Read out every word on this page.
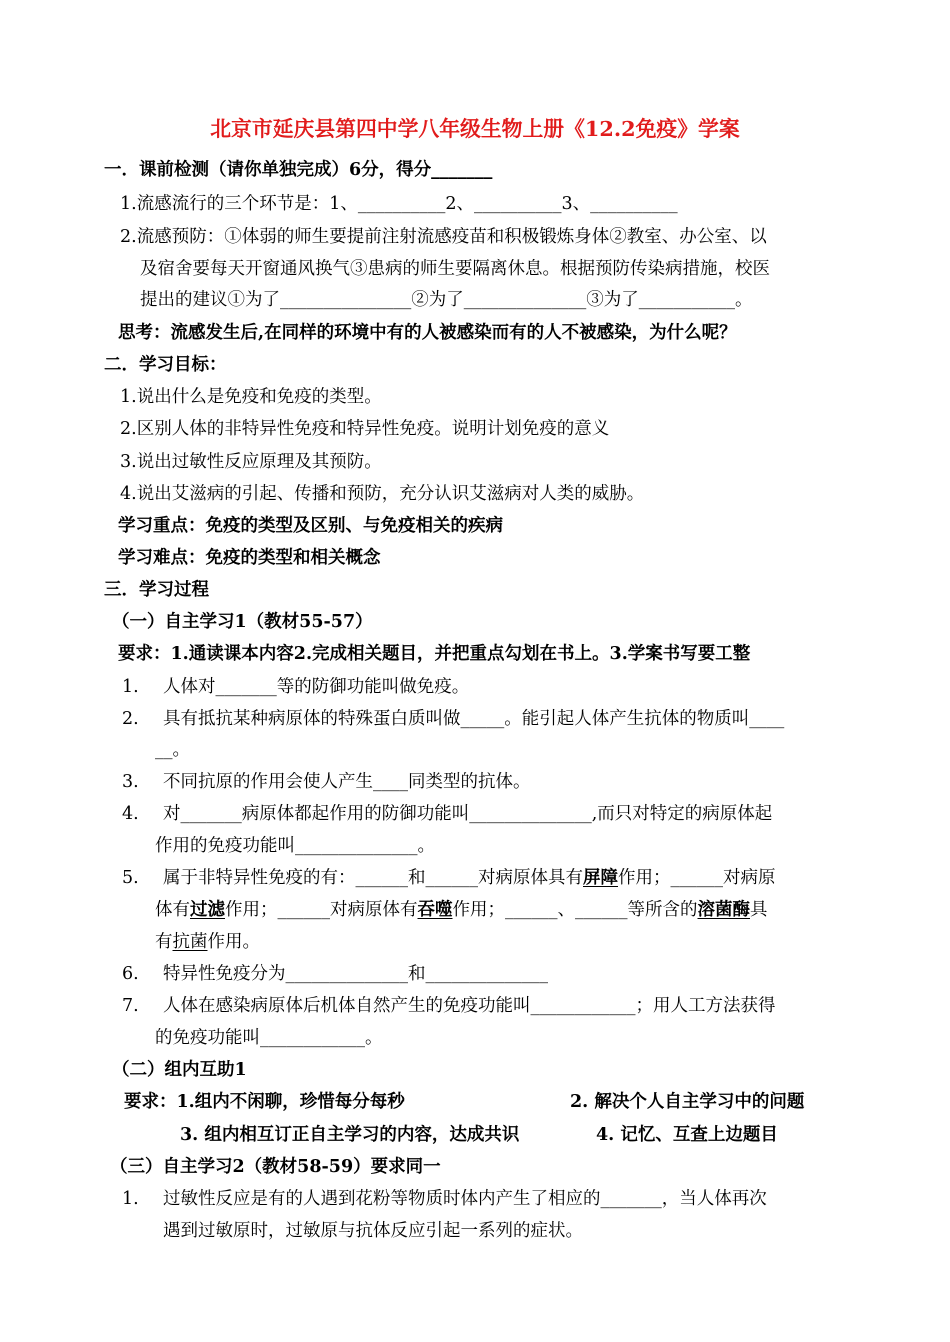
北京市延庆县第四中学八年级生物上册《12.2免疫》学案
一．课前检测（请你单独完成）6分，得分_______
1.流感流行的三个环节是：1、__________2、__________3、__________
2.流感预防：①体弱的师生要提前注射流感疫苗和积极锻炼身体②教室、办公室、以
及宿舍要每天开窗通风换气③患病的师生要隔离休息。根据预防传染病措施，校医
提出的建议①为了_______________②为了______________③为了___________。
思考：流感发生后,在同样的环境中有的人被感染而有的人不被感染，为什么呢？
二．学习目标：
1.说出什么是免疫和免疫的类型。
2.区别人体的非特异性免疫和特异性免疫。说明计划免疫的意义
3.说出过敏性反应原理及其预防。
4.说出艾滋病的引起、传播和预防，充分认识艾滋病对人类的威胁。
学习重点：免疫的类型及区别、与免疫相关的疾病
学习难点：免疫的类型和相关概念
三．学习过程
（一）自主学习1（教材55-57）
要求：1.通读课本内容2.完成相关题目，并把重点勾划在书上。3.学案书写要工整
1. 人体对_______等的防御功能叫做免疫。
2. 具有抵抗某种病原体的特殊蛋白质叫做_____。能引起人体产生抗体的物质叫____
__。
3. 不同抗原的作用会使人产生____同类型的抗体。
4. 对_______病原体都起作用的防御功能叫______________,而只对特定的病原体起
作用的免疫功能叫______________。
5. 属于非特异性免疫的有：______和______对病原体具有屏障作用；______对病原
体有过滤作用；______对病原体有吞噬作用；______、______等所含的溶菌酶具
有抗菌作用。
6. 特异性免疫分为______________和______________
7. 人体在感染病原体后机体自然产生的免疫功能叫____________；用人工方法获得
的免疫功能叫____________。
（二）组内互助1
要求：1.组内不闲聊，珍惜每分每秒	2. 解决个人自主学习中的问题
3. 组内相互订正自主学习的内容，达成共识	4. 记忆、互查上边题目
（三）自主学习2（教材58-59）要求同一
1. 过敏性反应是有的人遇到花粉等物质时体内产生了相应的_______，当人体再次
遇到过敏原时，过敏原与抗体反应引起一系列的症状。
